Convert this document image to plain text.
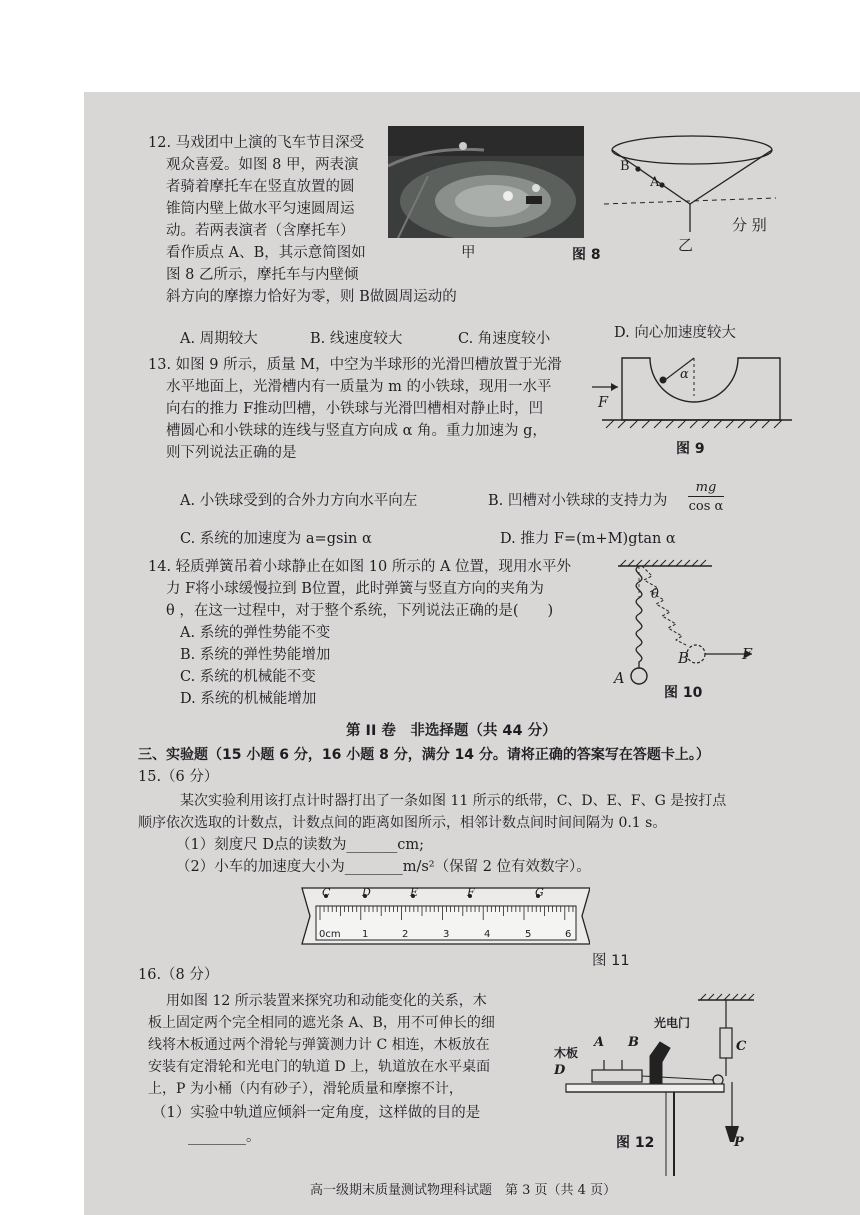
12. 马戏团中上演的飞车节目深受
观众喜爱。如图 8 甲，两表演
者骑着摩托车在竖直放置的圆
锥筒内壁上做水平匀速圆周运
动。若两表演者（含摩托车）
看作质点 A、B，其示意简图如
图 8 乙所示，摩托车与内壁倾
斜方向的摩擦力恰好为零，则 B做圆周运动的
甲	图 8
B
A
分 别
乙
A. 周期较大	B. 线速度较大	C. 角速度较小	D. 向心加速度较大
13. 如图 9 所示，质量 M，中空为半球形的光滑凹槽放置于光滑
水平地面上，光滑槽内有一质量为 m 的小铁球，现用一水平
向右的推力 F推动凹槽，小铁球与光滑凹槽相对静止时，凹
槽圆心和小铁球的连线与竖直方向成 α 角。重力加速为 g，
则下列说法正确的是
F
α
图 9
A. 小铁球受到的合外力方向水平向左	B. 凹槽对小铁球的支持力为
mg
cos α
C. 系统的加速度为 a=gsin α	D. 推力 F=(m+M)gtan α
14. 轻质弹簧吊着小球静止在如图 10 所示的 A 位置，现用水平外
力 F将小球缓慢拉到 B位置，此时弹簧与竖直方向的夹角为
θ ，在这一过程中，对于整个系统，下列说法正确的是(　　)
A. 系统的弹性势能不变
B. 系统的弹性势能增加
C. 系统的机械能不变
D. 系统的机械能增加
θ
B	F
A
图 10
第 II 卷　非选择题（共 44 分）
三、实验题（15 小题 6 分，16 小题 8 分，满分 14 分。请将正确的答案写在答题卡上。）
15.（6 分）
某次实验利用该打点计时器打出了一条如图 11 所示的纸带，C、D、E、F、G 是按打点
顺序依次选取的计数点，计数点间的距离如图所示，相邻计数点间时间间隔为 0.1 s。
（1）刻度尺 D点的读数为_______cm;
（2）小车的加速度大小为________m/s²（保留 2 位有效数字）。
C	D	E	F	G
0cm 1	2	3	4	5	6
图 11
16.（8 分）
用如图 12 所示装置来探究功和动能变化的关系，木
板上固定两个完全相同的遮光条 A、B，用不可伸长的细
线将木板通过两个滑轮与弹簧测力计 C 相连，木板放在
安装有定滑轮和光电门的轨道 D 上，轨道放在水平桌面
上，P 为小桶（内有砂子），滑轮质量和摩擦不计，
（1）实验中轨道应倾斜一定角度，这样做的目的是
________。
光电门
木板
A B	C
D
P
图 12
高一级期末质量测试物理科试题　第 3 页（共 4 页）
